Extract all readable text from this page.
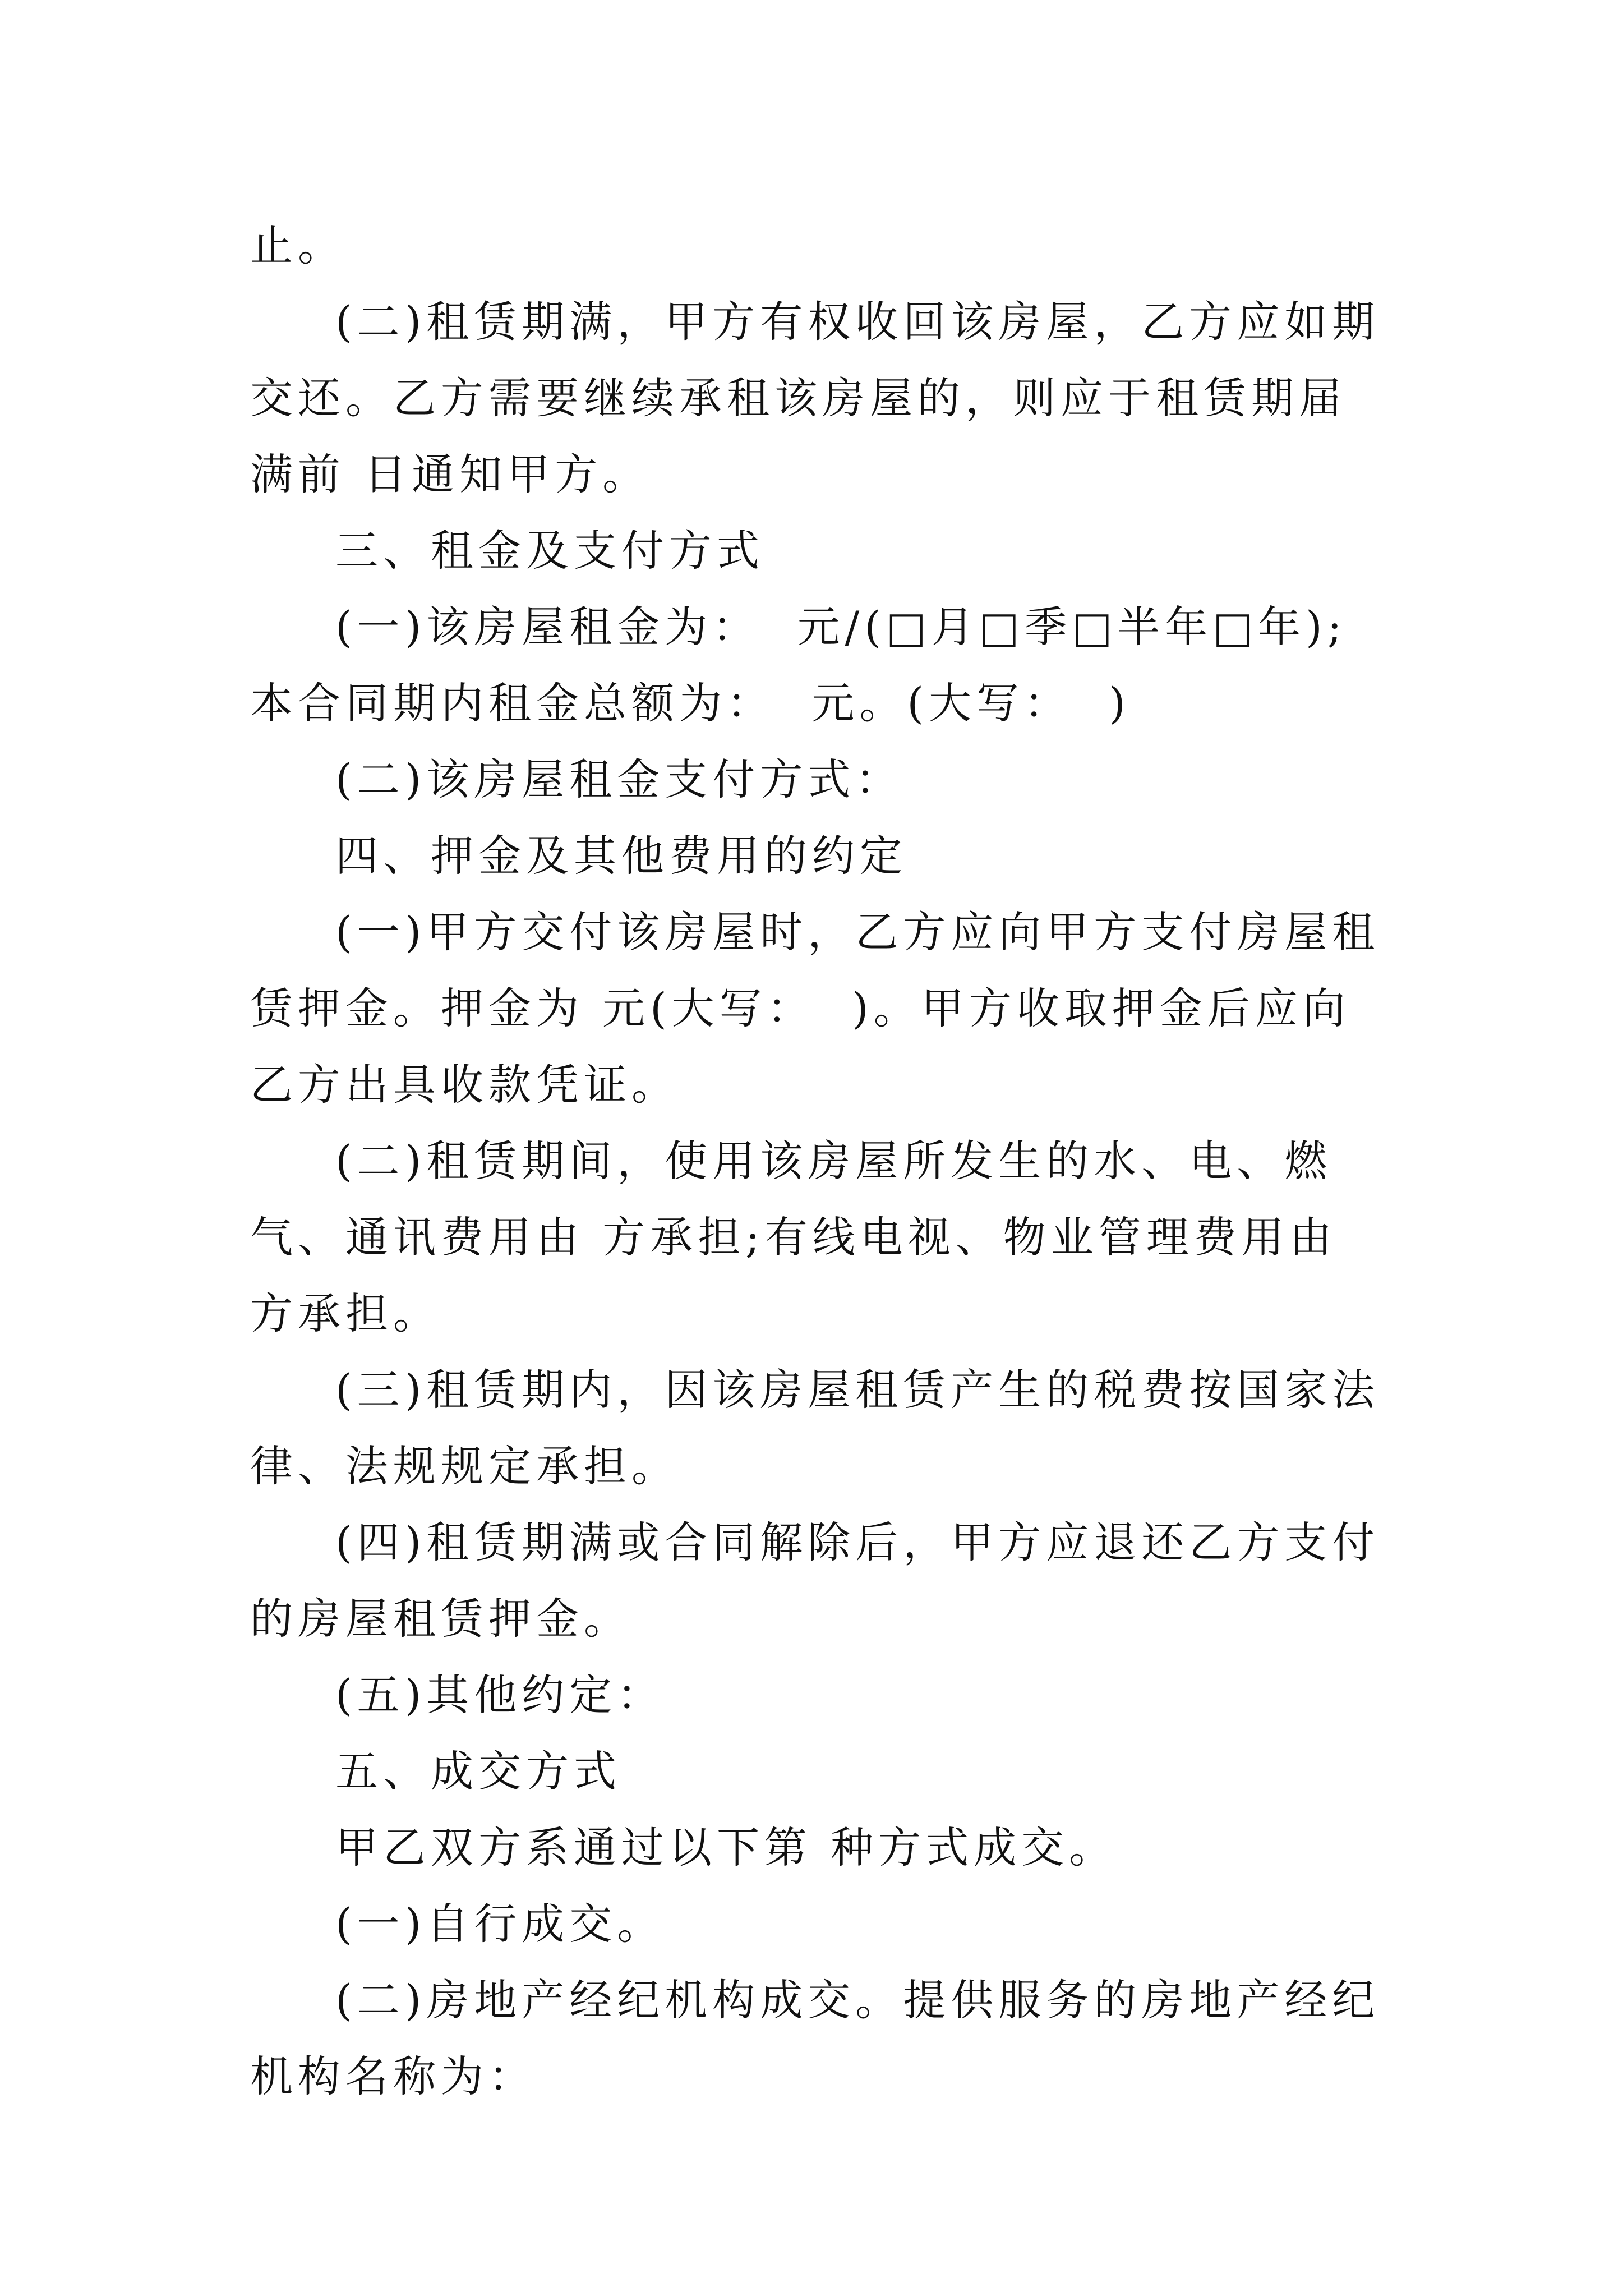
止。

(二)租赁期满，甲方有权收回该房屋，乙方应如期交还。乙方需要继续承租该房屋的，则应于租赁期届满前 日通知甲方。

三、租金及支付方式

(一)该房屋租金为：  元/(□月□季□半年□年);本合同期内租金总额为：  元。(大写：  )

(二)该房屋租金支付方式：

四、押金及其他费用的约定

(一)甲方交付该房屋时，乙方应向甲方支付房屋租赁押金。押金为 元(大写：  )。甲方收取押金后应向乙方出具收款凭证。

(二)租赁期间，使用该房屋所发生的水、电、燃气、通讯费用由 方承担;有线电视、物业管理费用由 方承担。

(三)租赁期内，因该房屋租赁产生的税费按国家法律、法规规定承担。

(四)租赁期满或合同解除后，甲方应退还乙方支付的房屋租赁押金。

(五)其他约定：

五、成交方式

甲乙双方系通过以下第 种方式成交。

(一)自行成交。

(二)房地产经纪机构成交。提供服务的房地产经纪机构名称为：
